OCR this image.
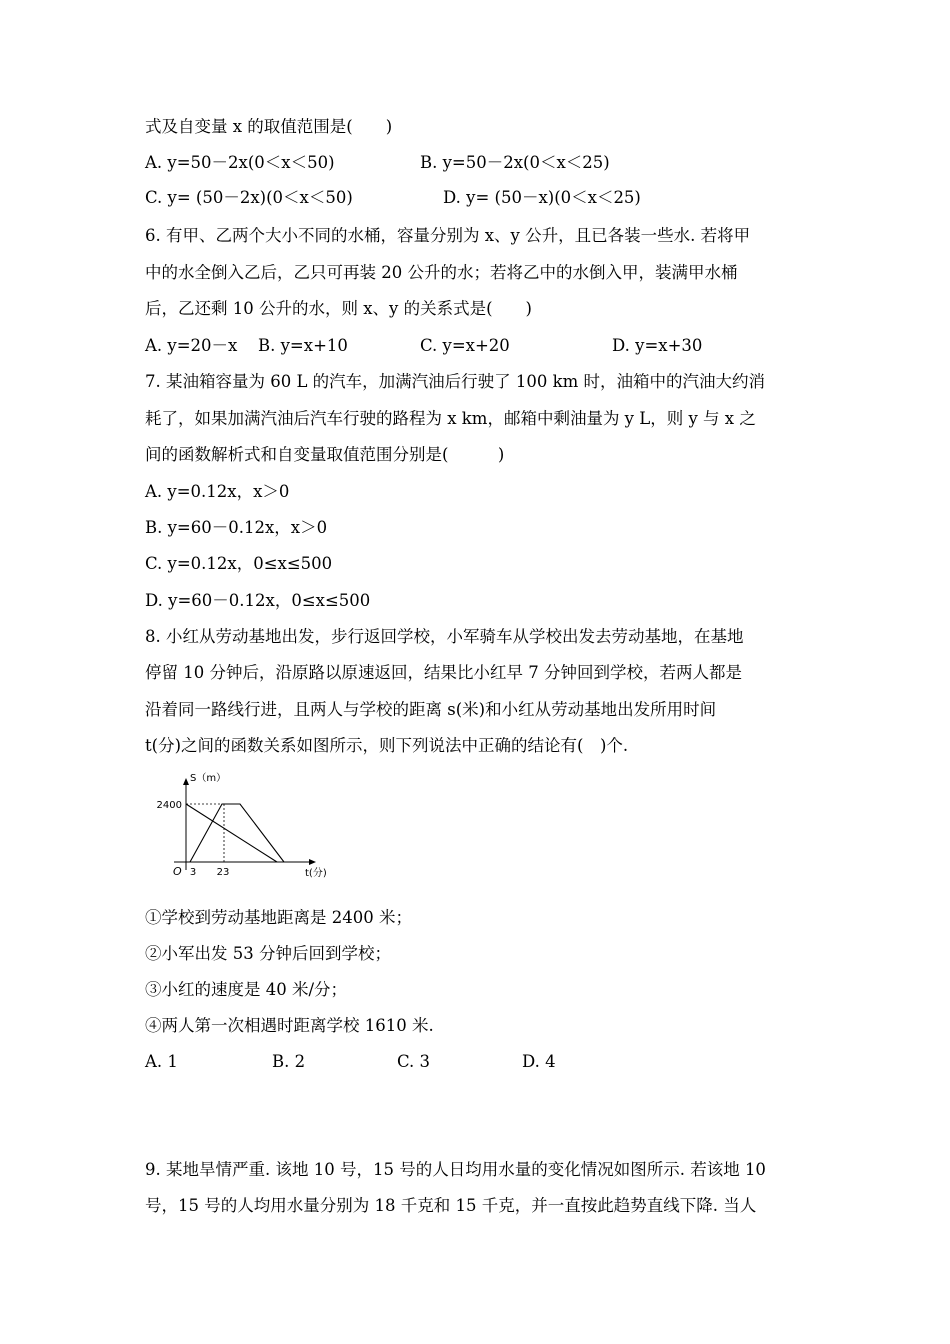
式及自变量 x 的取值范围是(　　)
A. y=50－2x(0＜x＜50)	B. y=50－2x(0＜x＜25)
C. y= (50－2x)(0＜x＜50)	D. y= (50－x)(0＜x＜25)
6. 有甲、乙两个大小不同的水桶，容量分别为 x、y 公升，且已各装一些水. 若将甲
中的水全倒入乙后，乙只可再装 20 公升的水；若将乙中的水倒入甲，装满甲水桶
后，乙还剩 10 公升的水，则 x、y 的关系式是(　　)
A. y=20－x B. y=x+10	C. y=x+20	D. y=x+30
7. 某油箱容量为 60 L 的汽车，加满汽油后行驶了 100 km 时，油箱中的汽油大约消
耗了，如果加满汽油后汽车行驶的路程为 x km，邮箱中剩油量为 y L，则 y 与 x 之
间的函数解析式和自变量取值范围分别是(　　　)
A. y=0.12x，x＞0
B. y=60－0.12x，x＞0
C. y=0.12x，0≤x≤500
D. y=60－0.12x，0≤x≤500
8. 小红从劳动基地出发，步行返回学校，小军骑车从学校出发去劳动基地，在基地
停留 10 分钟后，沿原路以原速返回，结果比小红早 7 分钟回到学校，若两人都是
沿着同一路线行进，且两人与学校的距离 s(米)和小红从劳动基地出发所用时间
t(分)之间的函数关系如图所示，则下列说法中正确的结论有(　)个.
S（m）
2400
O 3 23	t(分)
①学校到劳动基地距离是 2400 米；
②小军出发 53 分钟后回到学校；
③小红的速度是 40 米/分；
④两人第一次相遇时距离学校 1610 米.
A. 1	B. 2	C. 3	D. 4
9. 某地旱情严重. 该地 10 号，15 号的人日均用水量的变化情况如图所示. 若该地 10
号，15 号的人均用水量分别为 18 千克和 15 千克，并一直按此趋势直线下降. 当人
